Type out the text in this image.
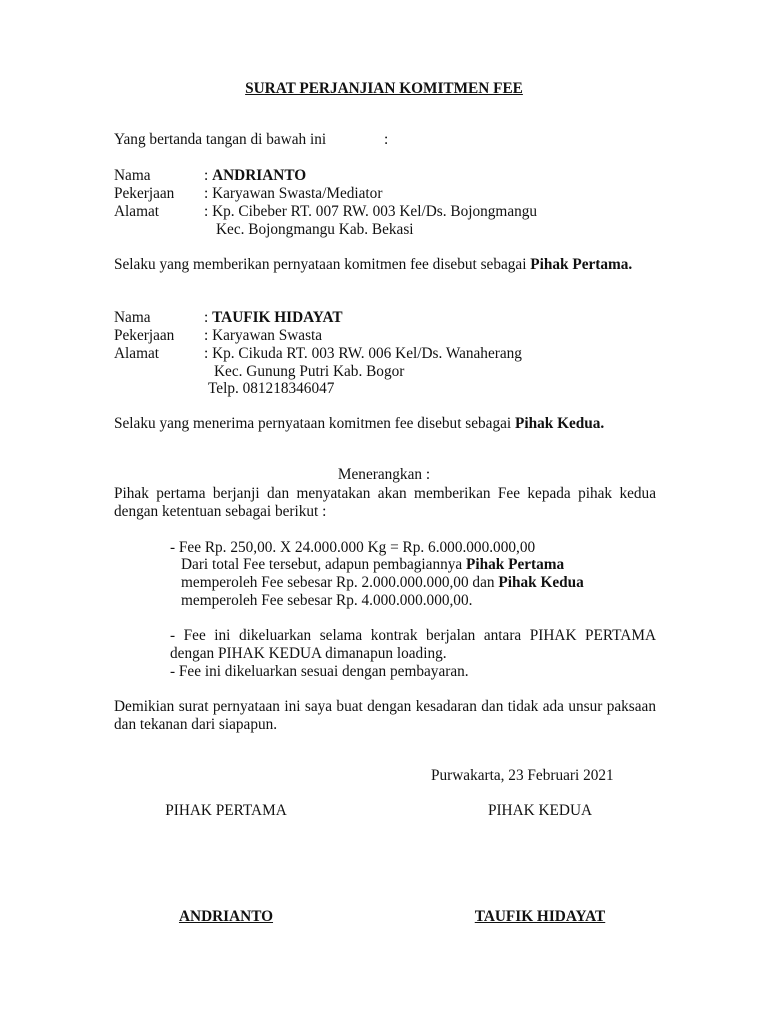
SURAT PERJANJIAN KOMITMEN FEE
Yang bertanda tangan di bawah ini	:
Nama	: ANDRIANTO
Pekerjaan : Karyawan Swasta/Mediator
Alamat	: Kp. Cibeber RT. 007 RW. 003 Kel/Ds. Bojongmangu
Kec. Bojongmangu Kab. Bekasi
Selaku yang memberikan pernyataan komitmen fee disebut sebagai Pihak Pertama.
Nama	: TAUFIK HIDAYAT
Pekerjaan : Karyawan Swasta
Alamat	: Kp. Cikuda RT. 003 RW. 006 Kel/Ds. Wanaherang
Kec. Gunung Putri Kab. Bogor
Telp. 081218346047
Selaku yang menerima pernyataan komitmen fee disebut sebagai Pihak Kedua.
Menerangkan :
Pihak pertama berjanji dan menyatakan akan memberikan Fee kepada pihak kedua dengan ketentuan sebagai berikut :
- Fee Rp. 250,00. X 24.000.000 Kg = Rp. 6.000.000.000,00
Dari total Fee tersebut, adapun pembagiannya Pihak Pertama
memperoleh Fee sebesar Rp. 2.000.000.000,00 dan Pihak Kedua
memperoleh Fee sebesar Rp. 4.000.000.000,00.
- Fee ini dikeluarkan selama kontrak berjalan antara PIHAK PERTAMA dengan PIHAK KEDUA dimanapun loading.
- Fee ini dikeluarkan sesuai dengan pembayaran.
Demikian surat pernyataan ini saya buat dengan kesadaran dan tidak ada unsur paksaan dan tekanan dari siapapun.
Purwakarta, 23 Februari 2021
PIHAK PERTAMA	PIHAK KEDUA
ANDRIANTO	TAUFIK HIDAYAT
